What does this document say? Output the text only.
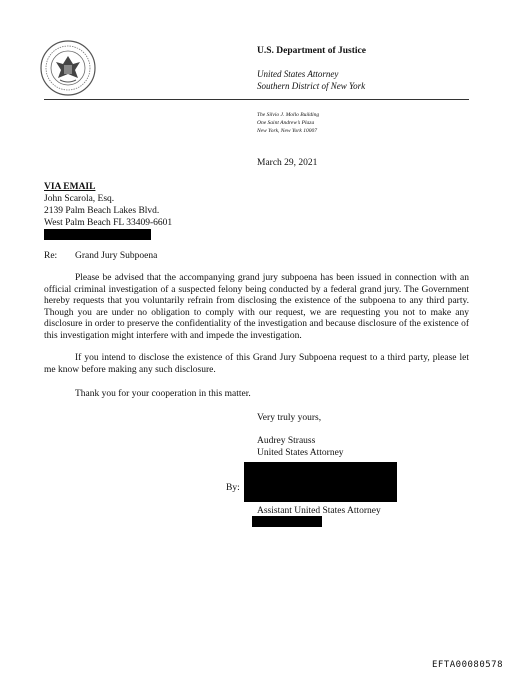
U.S. Department of Justice
United States Attorney
Southern District of New York
The Silvio J. Mollo Building
One Saint Andrew’s Plaza
New York, New York 10007
March 29, 2021
VIA EMAIL
John Scarola, Esq.
2139 Palm Beach Lakes Blvd.
West Palm Beach FL 33409-6601
Re: Grand Jury Subpoena
Please be advised that the accompanying grand jury subpoena has been issued in connection with an official criminal investigation of a suspected felony being conducted by a federal grand jury. The Government hereby requests that you voluntarily refrain from disclosing the existence of the subpoena to any third party. Though you are under no obligation to comply with our request, we are requesting you not to make any disclosure in order to preserve the confidentiality of the investigation and because disclosure of the existence of this investigation might interfere with and impede the investigation.
If you intend to disclose the existence of this Grand Jury Subpoena request to a third party, please let me know before making any such disclosure.
Thank you for your cooperation in this matter.
Very truly yours,
Audrey Strauss
United States Attorney
By:
Assistant United States Attorney
EFTA00080578
